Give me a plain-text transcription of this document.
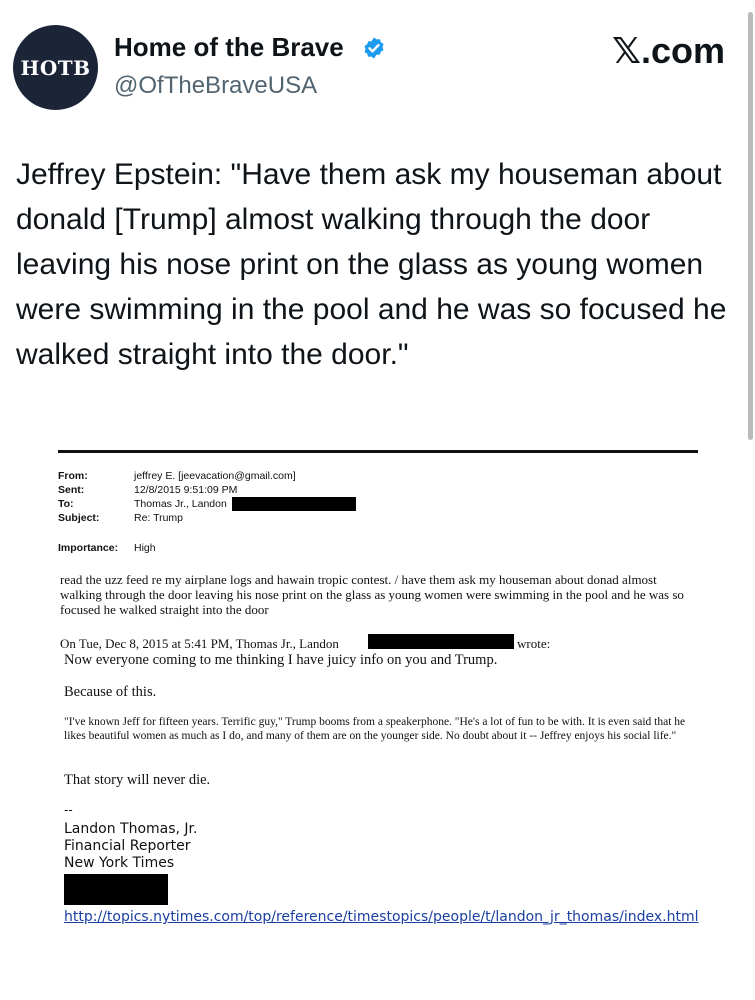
HOTB
Home of the Brave
@OfTheBraveUSA
𝕏.com
Jeffrey Epstein: "Have them ask my houseman about donald [Trump] almost walking through the door leaving his nose print on the glass as young women were swimming in the pool and he was so focused he walked straight into the door."
From:	jeffrey E. [jeevacation@gmail.com]
Sent:	12/8/2015 9:51:09 PM
To:	Thomas Jr., Landon
Subject:	Re: Trump
Importance: High
read the uzz feed re my airplane logs and hawain tropic contest. / have them ask my houseman about donad almost walking through the door leaving his nose print on the glass as young women were swimming in the pool and he was so focused he walked straight into the door
On Tue, Dec 8, 2015 at 5:41 PM, Thomas Jr., Landon	wrote:
Now everyone coming to me thinking I have juicy info on you and Trump.
Because of this.
"I've known Jeff for fifteen years. Terrific guy," Trump booms from a speakerphone. "He's a lot of fun to be with. It is even said that he likes beautiful women as much as I do, and many of them are on the younger side. No doubt about it -- Jeffrey enjoys his social life."
That story will never die.
--
Landon Thomas, Jr.
Financial Reporter
New York Times
http://topics.nytimes.com/top/reference/timestopics/people/t/landon_jr_thomas/index.html
